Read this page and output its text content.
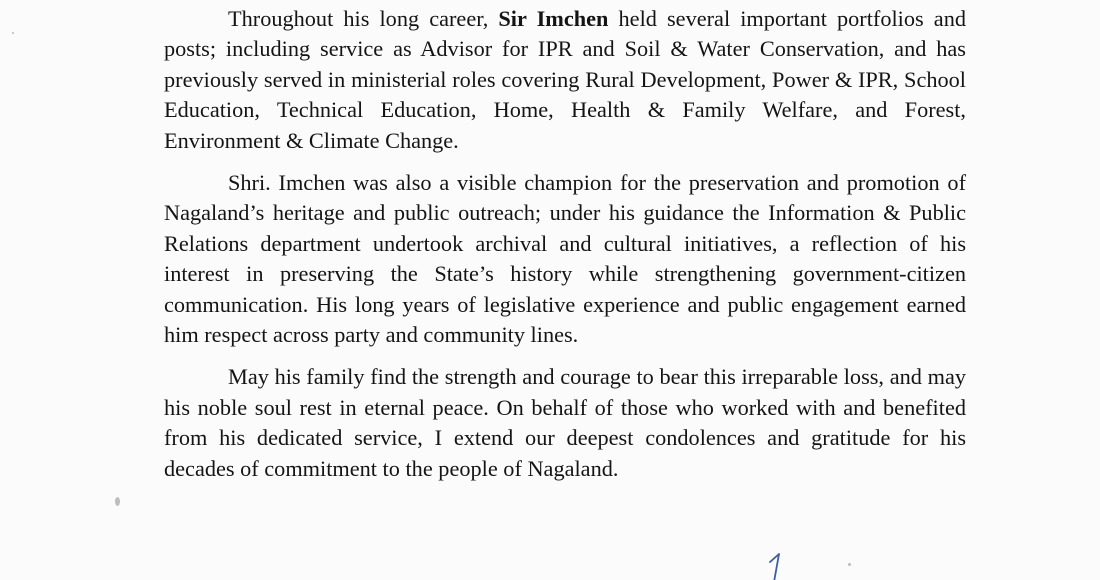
Throughout his long career, Sir Imchen held several important portfolios and posts; including service as Advisor for IPR and Soil & Water Conservation, and has previously served in ministerial roles covering Rural Development, Power & IPR, School Education, Technical Education, Home, Health & Family Welfare, and Forest, Environment & Climate Change.

Shri. Imchen was also a visible champion for the preservation and promotion of Nagaland’s heritage and public outreach; under his guidance the Information & Public Relations department undertook archival and cultural initiatives, a reflection of his interest in preserving the State’s history while strengthening government-citizen communication. His long years of legislative experience and public engagement earned him respect across party and community lines.

May his family find the strength and courage to bear this irreparable loss, and may his noble soul rest in eternal peace. On behalf of those who worked with and benefited from his dedicated service, I extend our deepest condolences and gratitude for his decades of commitment to the people of Nagaland.
